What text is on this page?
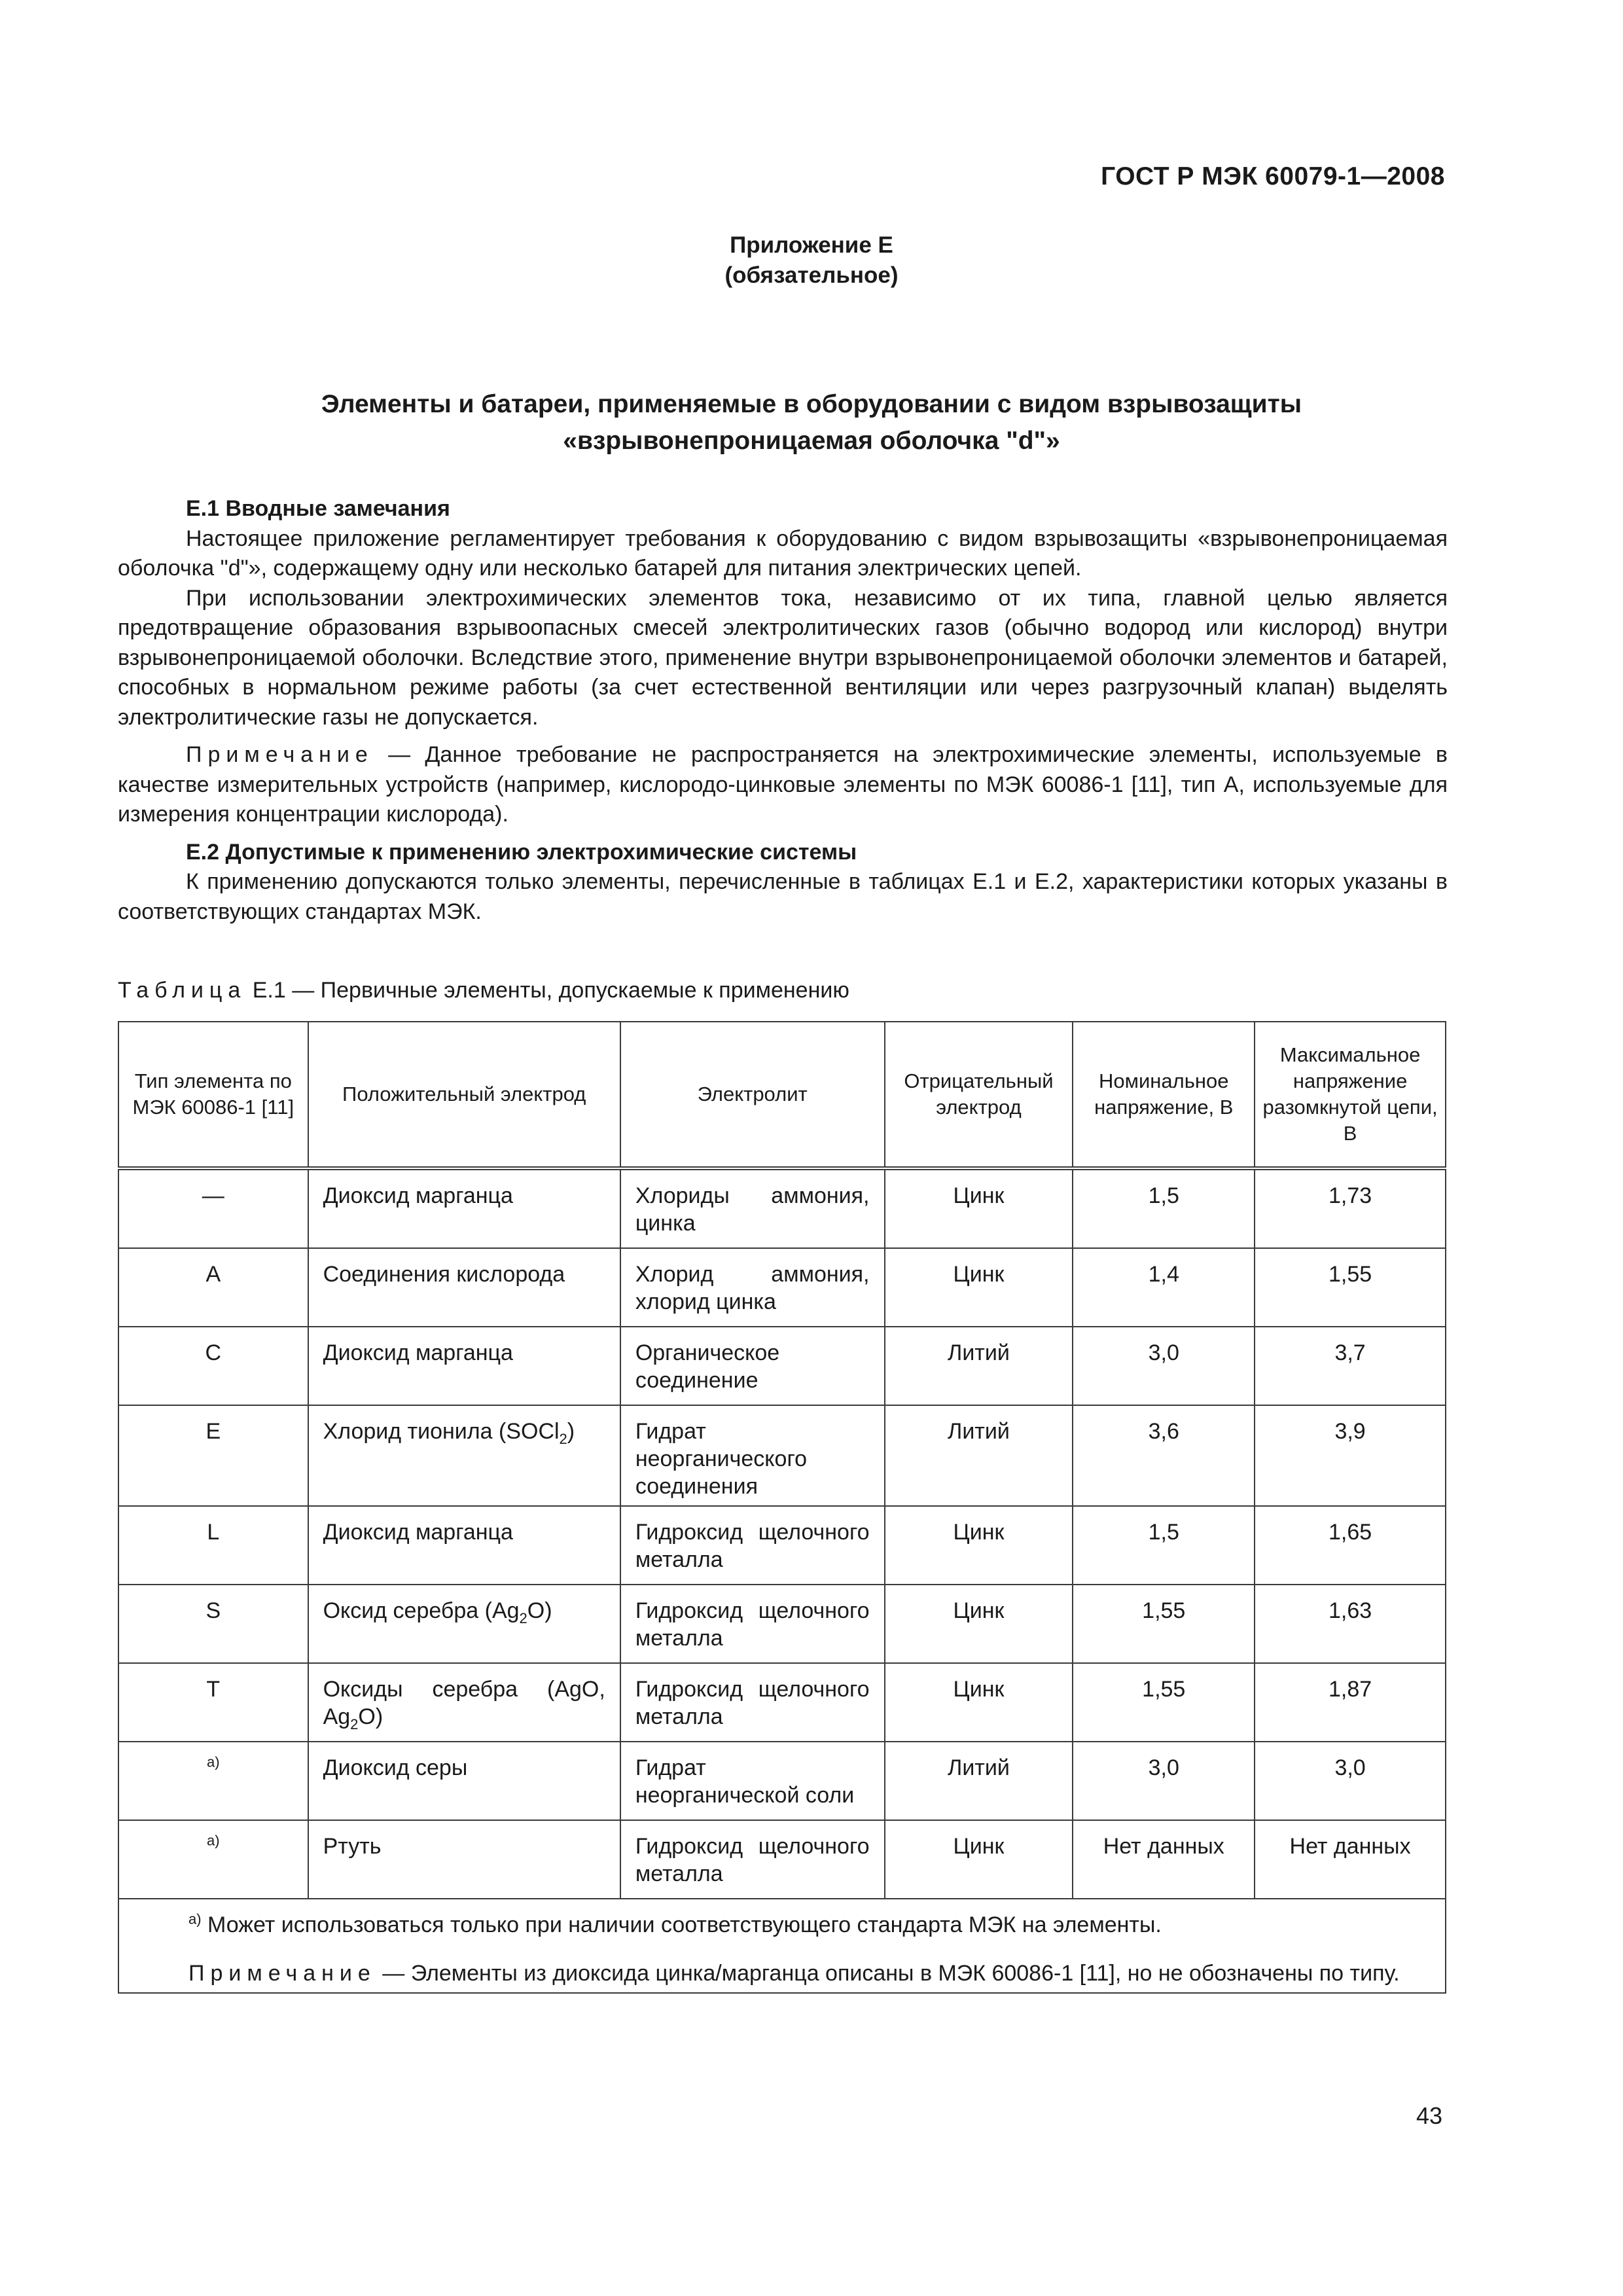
ГОСТ Р МЭК 60079-1—2008
Приложение Е
(обязательное)
Элементы и батареи, применяемые в оборудовании с видом взрывозащиты
«взрывонепроницаемая оболочка "d"»
Е.1 Вводные замечания

Настоящее приложение регламентирует требования к оборудованию с видом взрывозащиты «взрывонепроницаемая оболочка "d"», содержащему одну или несколько батарей для питания электрических цепей.

При использовании электрохимических элементов тока, независимо от их типа, главной целью является предотвращение образования взрывоопасных смесей электролитических газов (обычно водород или кислород) внутри взрывонепроницаемой оболочки. Вследствие этого, применение внутри взрывонепроницаемой оболочки элементов и батарей, способных в нормальном режиме работы (за счет естественной вентиляции или через разгрузочный клапан) выделять электролитические газы не допускается.

Примечание — Данное требование не распространяется на электрохимические элементы, используемые в качестве измерительных устройств (например, кислородо-цинковые элементы по МЭК 60086-1 [11], тип А, используемые для измерения концентрации кислорода).

Е.2 Допустимые к применению электрохимические системы

К применению допускаются только элементы, перечисленные в таблицах Е.1 и Е.2, характеристики которых указаны в соответствующих стандартах МЭК.

Таблица Е.1 — Первичные элементы, допускаемые к применению
Тип элемента по МЭК 60086-1 [11]	Положительный электрод	Электролит	Отрицательный электрод	Номинальное напряжение, В	Максимальное напряжение разомкнутой цепи, В
—	Диоксид марганца	Хлориды аммония, цинка	Цинк	1,5	1,73
A	Соединения кислорода	Хлорид аммония, хлорид цинка	Цинк	1,4	1,55
C	Диоксид марганца	Органическое соединение	Литий	3,0	3,7
E	Хлорид тионила (SOCl$_2$)	Гидрат неорганического соединения	Литий	3,6	3,9
L	Диоксид марганца	Гидроксид щелочного металла	Цинк	1,5	1,65
S	Оксид серебра $(Ag_2O)$	Гидроксид щелочного металла	Цинк	1,55	1,63
T	Оксиды серебра (AgO, $Ag_2O$)	Гидроксид щелочного металла	Цинк	1,55	1,87
$^{a)}$	Диоксид серы	Гидрат неорганической соли	Литий	3,0	3,0
$^{a)}$	Ртуть	Гидроксид щелочного металла	Цинк	Нет данных	Нет данных

$^{a)}$ Может использоваться только при наличии соответствующего стандарта МЭК на элементы.

Примечание — Элементы из диоксида цинка/марганца описаны в МЭК 60086-1 [11], но не обозначены по типу.					

43
